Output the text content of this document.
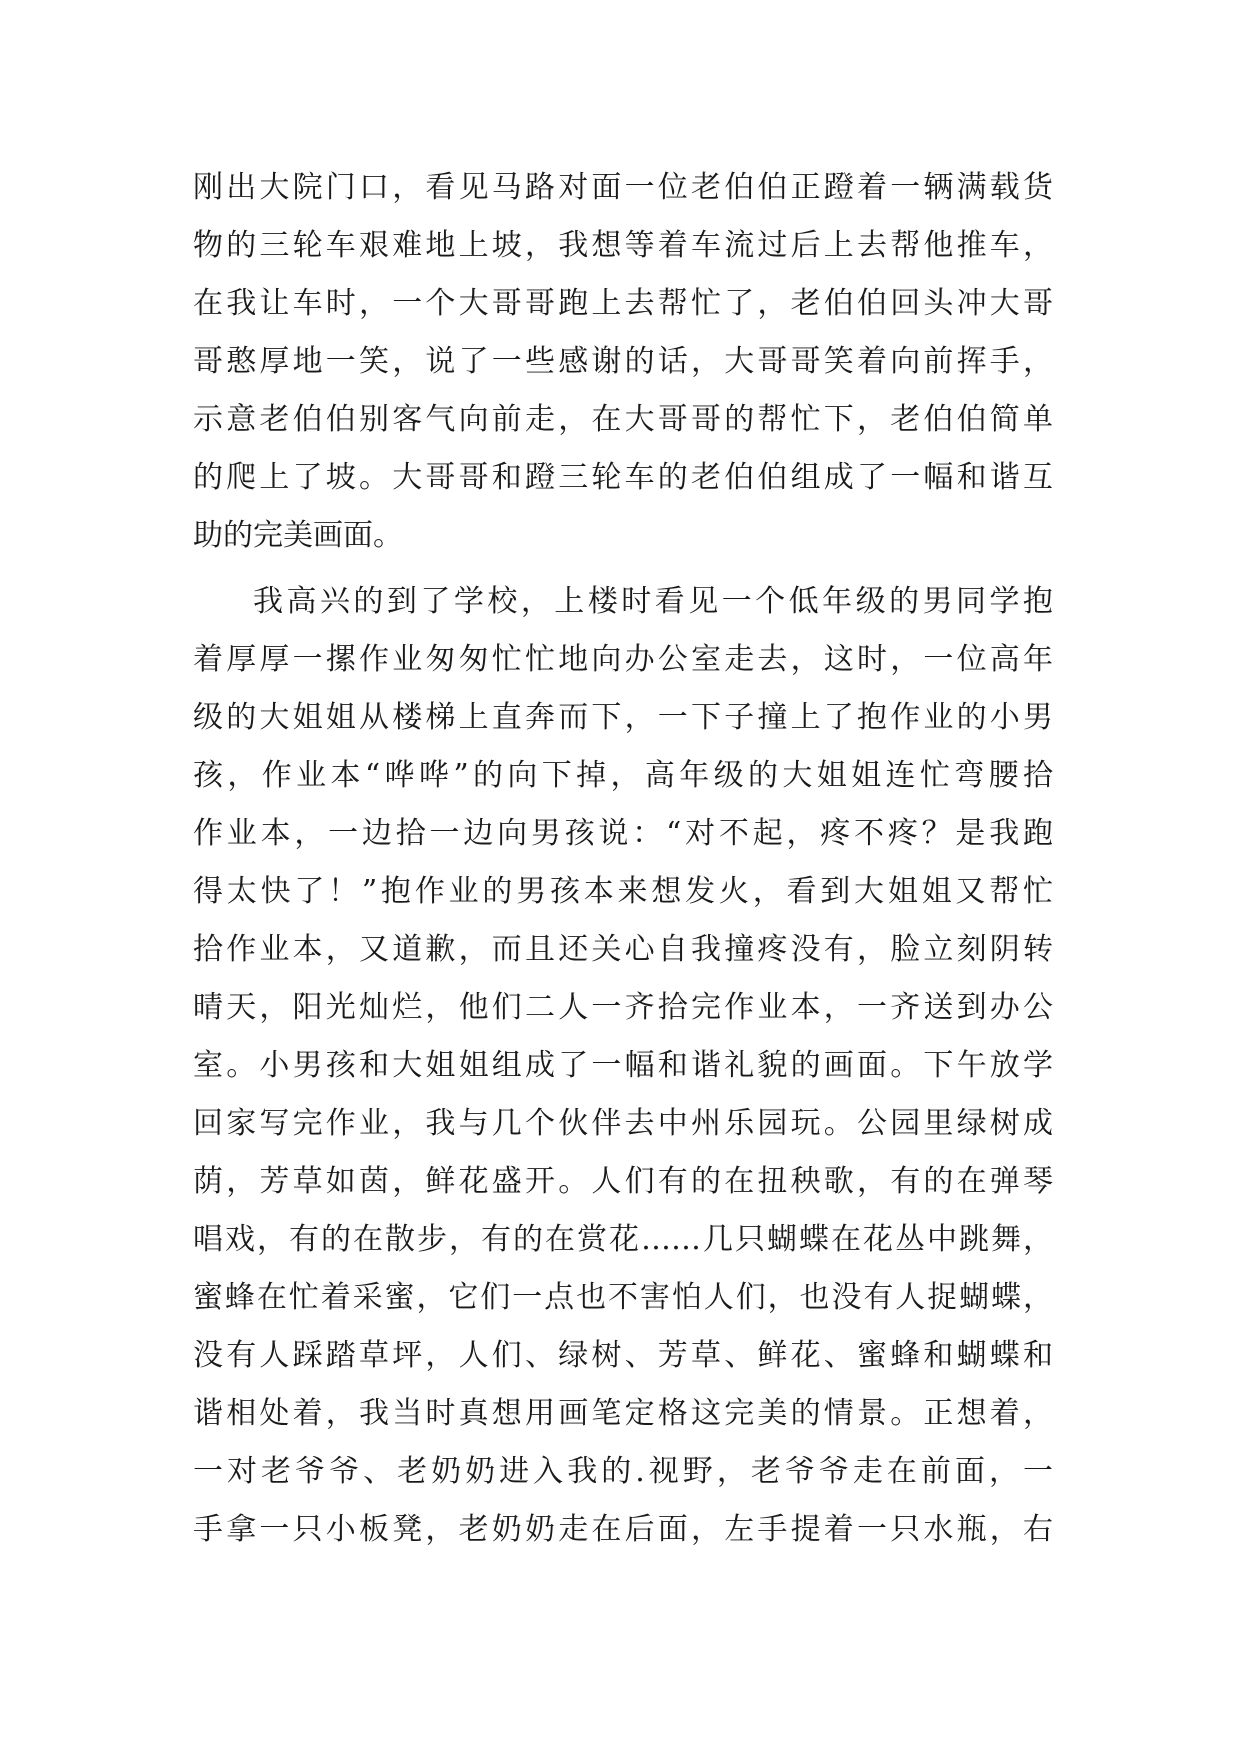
刚出大院门口，看见马路对面一位老伯伯正蹬着一辆满载货
物的三轮车艰难地上坡，我想等着车流过后上去帮他推车，
在我让车时，一个大哥哥跑上去帮忙了，老伯伯回头冲大哥
哥憨厚地一笑，说了一些感谢的话，大哥哥笑着向前挥手，
示意老伯伯别客气向前走，在大哥哥的帮忙下，老伯伯简单
的爬上了坡。大哥哥和蹬三轮车的老伯伯组成了一幅和谐互
助的完美画面。
我高兴的到了学校，上楼时看见一个低年级的男同学抱
着厚厚一摞作业匆匆忙忙地向办公室走去，这时，一位高年
级的大姐姐从楼梯上直奔而下，一下子撞上了抱作业的小男
孩，作业本“哗哗”的向下掉，高年级的大姐姐连忙弯腰拾
作业本，一边拾一边向男孩说：“对不起，疼不疼？是我跑
得太快了！”抱作业的男孩本来想发火，看到大姐姐又帮忙
拾作业本，又道歉，而且还关心自我撞疼没有，脸立刻阴转
晴天，阳光灿烂，他们二人一齐拾完作业本，一齐送到办公
室。小男孩和大姐姐组成了一幅和谐礼貌的画面。下午放学
回家写完作业，我与几个伙伴去中州乐园玩。公园里绿树成
荫，芳草如茵，鲜花盛开。人们有的在扭秧歌，有的在弹琴
唱戏，有的在散步，有的在赏花……几只蝴蝶在花丛中跳舞，
蜜蜂在忙着采蜜，它们一点也不害怕人们，也没有人捉蝴蝶，
没有人踩踏草坪，人们、绿树、芳草、鲜花、蜜蜂和蝴蝶和
谐相处着，我当时真想用画笔定格这完美的情景。正想着，
一对老爷爷、老奶奶进入我的.视野，老爷爷走在前面，一
手拿一只小板凳，老奶奶走在后面，左手提着一只水瓶，右
